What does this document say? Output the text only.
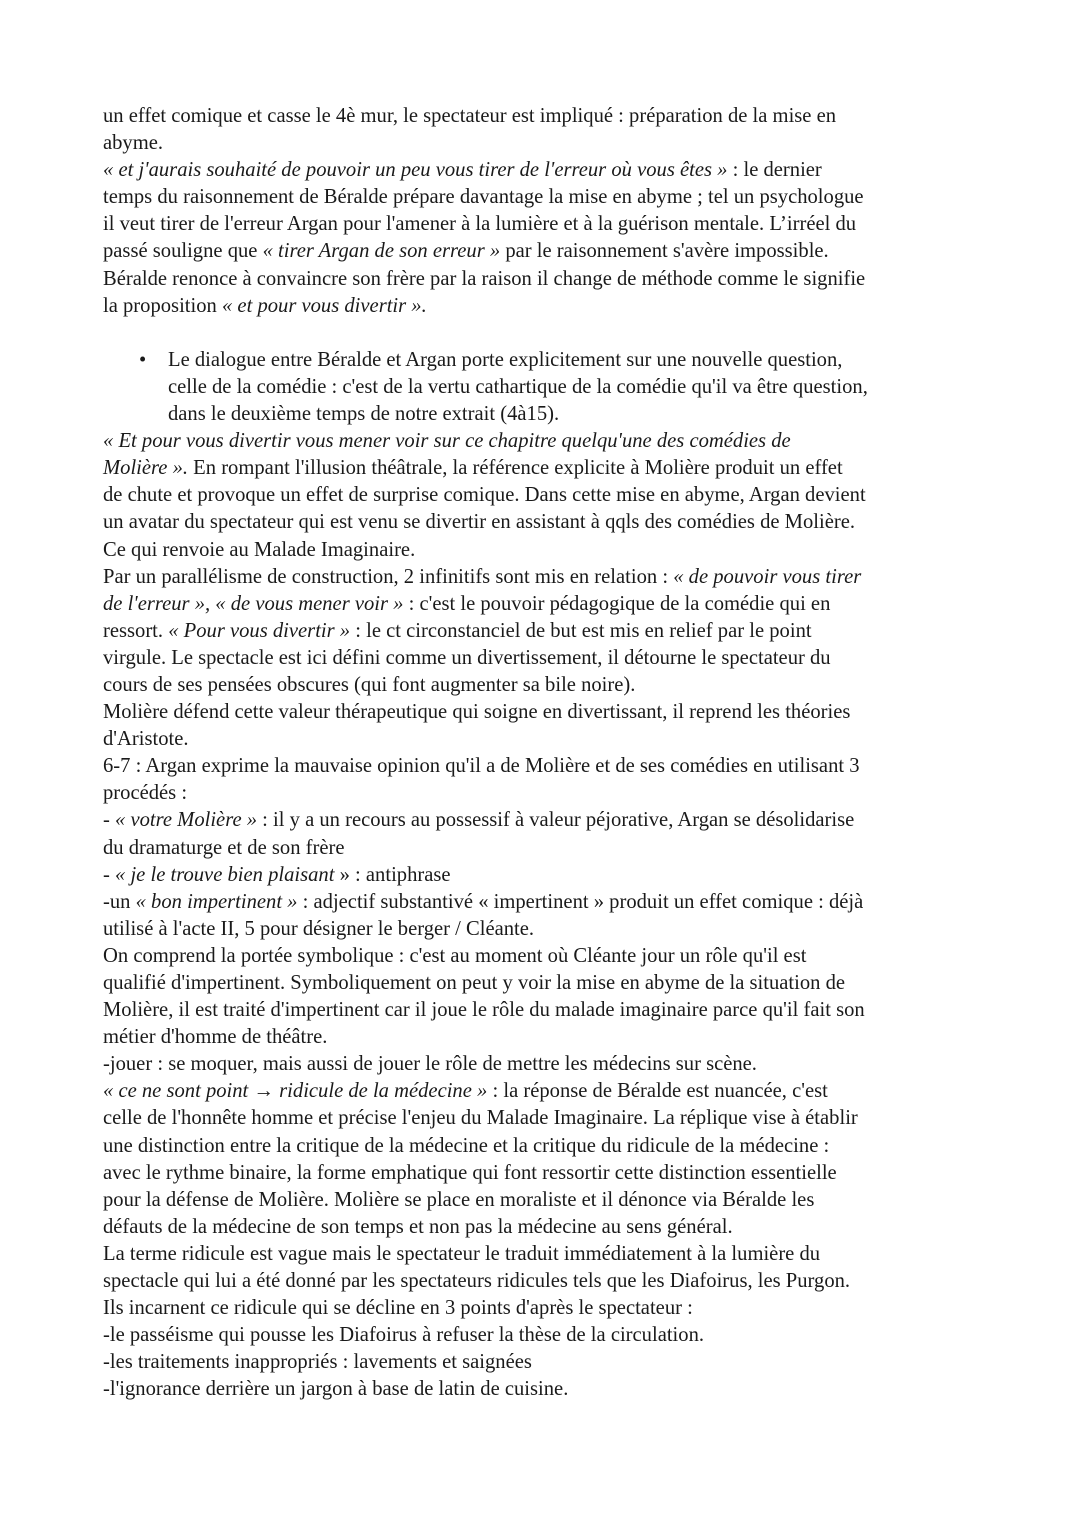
un effet comique et casse le 4è mur, le spectateur est impliqué : préparation de la mise en
abyme.
« et j'aurais souhaité de pouvoir un peu vous tirer de l'erreur où vous êtes » : le dernier
temps du raisonnement de Béralde prépare davantage la mise en abyme ; tel un psychologue
il veut tirer de l'erreur Argan pour l'amener à la lumière et à la guérison mentale. L’irréel du
passé souligne que « tirer Argan de son erreur » par le raisonnement s'avère impossible.
Béralde renonce à convaincre son frère par la raison il change de méthode comme le signifie
la proposition « et pour vous divertir ».
• Le dialogue entre Béralde et Argan porte explicitement sur une nouvelle question,
celle de la comédie : c'est de la vertu cathartique de la comédie qu'il va être question,
dans le deuxième temps de notre extrait (4à15).
« Et pour vous divertir vous mener voir sur ce chapitre quelqu'une des comédies de
Molière ». En rompant l'illusion théâtrale, la référence explicite à Molière produit un effet
de chute et provoque un effet de surprise comique. Dans cette mise en abyme, Argan devient
un avatar du spectateur qui est venu se divertir en assistant à qqls des comédies de Molière.
Ce qui renvoie au Malade Imaginaire.
Par un parallélisme de construction, 2 infinitifs sont mis en relation : « de pouvoir vous tirer
de l'erreur », « de vous mener voir » : c'est le pouvoir pédagogique de la comédie qui en
ressort. « Pour vous divertir » : le ct circonstanciel de but est mis en relief par le point
virgule. Le spectacle est ici défini comme un divertissement, il détourne le spectateur du
cours de ses pensées obscures (qui font augmenter sa bile noire).
Molière défend cette valeur thérapeutique qui soigne en divertissant, il reprend les théories
d'Aristote.
6-7 : Argan exprime la mauvaise opinion qu'il a de Molière et de ses comédies en utilisant 3
procédés :
- « votre Molière » : il y a un recours au possessif à valeur péjorative, Argan se désolidarise
du dramaturge et de son frère
- « je le trouve bien plaisant » : antiphrase
-un « bon impertinent » : adjectif substantivé « impertinent » produit un effet comique : déjà
utilisé à l'acte II, 5 pour désigner le berger / Cléante.
On comprend la portée symbolique : c'est au moment où Cléante jour un rôle qu'il est
qualifié d'impertinent. Symboliquement on peut y voir la mise en abyme de la situation de
Molière, il est traité d'impertinent car il joue le rôle du malade imaginaire parce qu'il fait son
métier d'homme de théâtre.
-jouer : se moquer, mais aussi de jouer le rôle de mettre les médecins sur scène.
« ce ne sont point → ridicule de la médecine » : la réponse de Béralde est nuancée, c'est
celle de l'honnête homme et précise l'enjeu du Malade Imaginaire. La réplique vise à établir
une distinction entre la critique de la médecine et la critique du ridicule de la médecine :
avec le rythme binaire, la forme emphatique qui font ressortir cette distinction essentielle
pour la défense de Molière. Molière se place en moraliste et il dénonce via Béralde les
défauts de la médecine de son temps et non pas la médecine au sens général.
La terme ridicule est vague mais le spectateur le traduit immédiatement à la lumière du
spectacle qui lui a été donné par les spectateurs ridicules tels que les Diafoirus, les Purgon.
Ils incarnent ce ridicule qui se décline en 3 points d'après le spectateur :
-le passéisme qui pousse les Diafoirus à refuser la thèse de la circulation.
-les traitements inappropriés : lavements et saignées
-l'ignorance derrière un jargon à base de latin de cuisine.
